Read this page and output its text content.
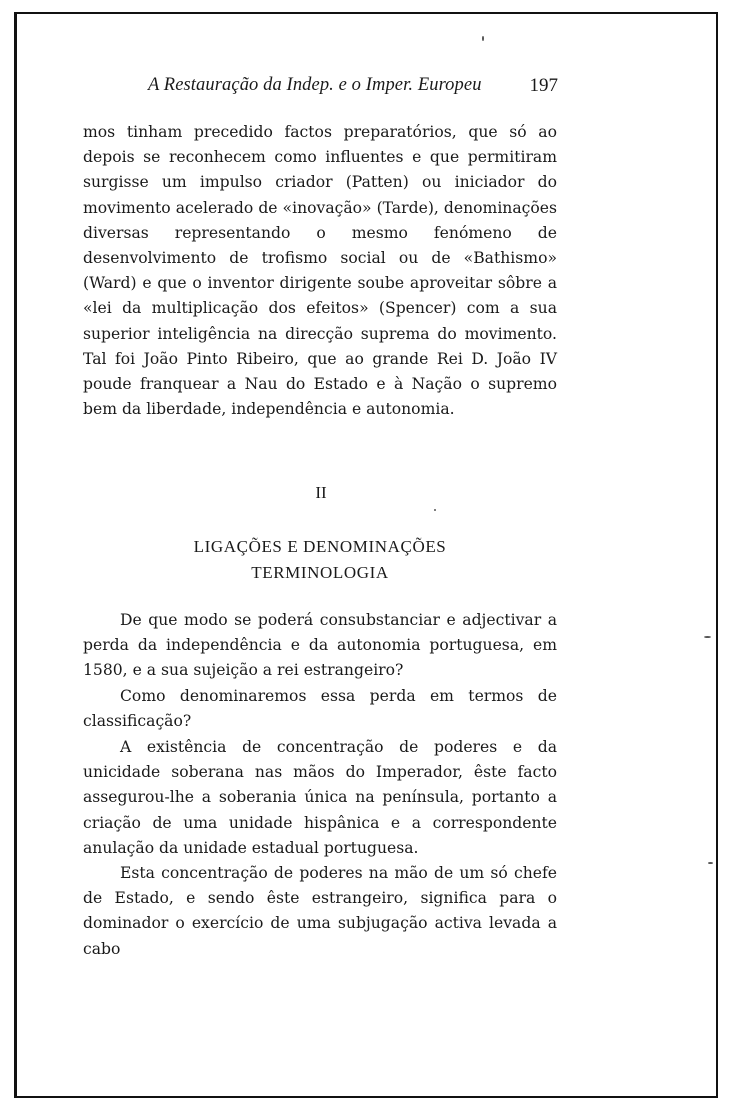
A Restauração da Indep. e o Imper. Europeu	197

mos tinham precedido factos preparatórios, que só ao depois se reconhecem como influentes e que permitiram surgisse um impulso criador (Patten) ou iniciador do movimento acelerado de «inovação» (Tarde), denominações diversas representando o mesmo fenómeno de desenvolvimento de trofismo social ou de «Bathismo» (Ward) e que o inventor dirigente soube aproveitar sôbre a «lei da multiplicação dos efeitos» (Spencer) com a sua superior inteligência na direcção suprema do movimento. Tal foi João Pinto Ribeiro, que ao grande Rei D. João IV poude franquear a Nau do Estado e à Nação o supremo bem da liberdade, independência e autonomia.

II
LIGAÇÕES E DENOMINAÇÕES
TERMINOLOGIA

De que modo se poderá consubstanciar e adjectivar a perda da independência e da autonomia portuguesa, em 1580, e a sua sujeição a rei estrangeiro?

Como denominaremos essa perda em termos de classificação?

A existência de concentração de poderes e da unicidade soberana nas mãos do Imperador, êste facto assegurou-lhe a soberania única na península, portanto a criação de uma unidade hispânica e a correspondente anulação da unidade estadual portuguesa.

Esta concentração de poderes na mão de um só chefe de Estado, e sendo êste estrangeiro, significa para o dominador o exercício de uma subjugação activa levada a cabo
